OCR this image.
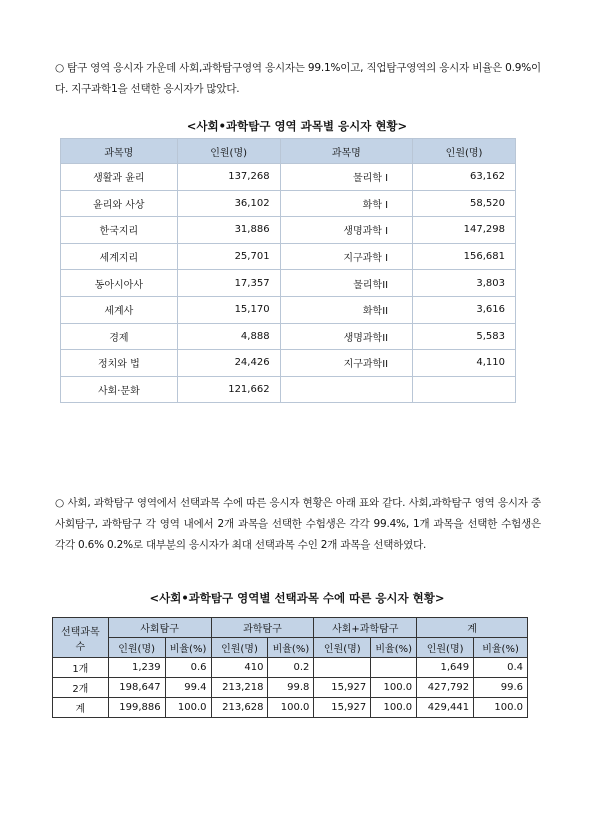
○ 탐구 영역 응시자 가운데 사회,과학탐구영역 응시자는 99.1%이고, 직업탐구영역의 응시자 비율은 0.9%이다. 지구과학1을 선택한 응시자가 많았다.
<사회•과학탐구 영역 과목별 응시자 현황>
과목명	인원(명)	과목명	인원(명)
생활과 윤리	137,268	물리학 I	63,162
윤리와 사상	36,102	화학 I	58,520
한국지리	31,886	생명과학 I	147,298
세계지리	25,701	지구과학 I	156,681
동아시아사	17,357	물리학II	3,803
세계사	15,170	화학II	3,616
경제	4,888	생명과학II	5,583
정치와 법	24,426	지구과학II	4,110
사회·문화	121,662		
○ 사회, 과학탐구 영역에서 선택과목 수에 따른 응시자 현황은 아래 표와 같다. 사회,과학탐구 영역 응시자 중 사회탐구, 과학탐구 각 영역 내에서 2개 과목을 선택한 수험생은 각각 99.4%, 1개 과목을 선택한 수험생은 각각 0.6% 0.2%로 대부분의 응시자가 최대 선택과목 수인 2개 과목을 선택하였다.
<사회•과학탐구 영역별 선택과목 수에 따른 응시자 현황>
선택과목 수	사회탐구		과학탐구		사회+과학탐구		계	
	인원(명)	비율(%)	인원(명)	비율(%)	인원(명)	비율(%)	인원(명)	비율(%)
1개	1,239	0.6	410	0.2			1,649	0.4
2개	198,647	99.4	213,218	99.8	15,927	100.0	427,792	99.6
계	199,886	100.0	213,628	100.0	15,927	100.0	429,441	100.0
